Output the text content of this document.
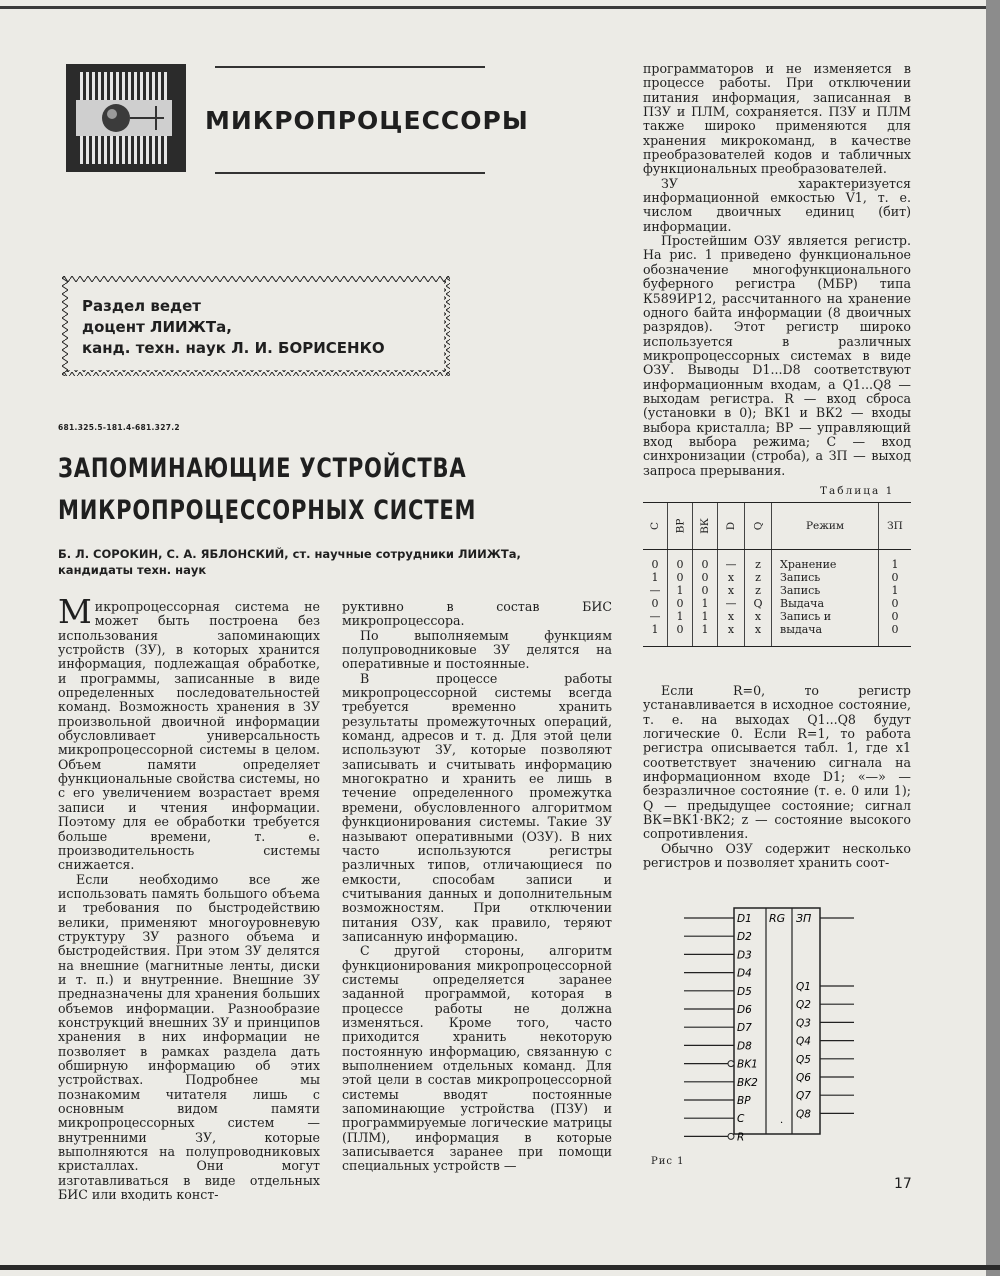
МИКРОПРОЦЕССОРЫ
Раздел ведет
доцент ЛИИЖТа,
канд. техн. наук Л. И. БОРИСЕНКО
681.325.5-181.4-681.327.2
ЗАПОМИНАЮЩИЕ УСТРОЙСТВА
МИКРОПРОЦЕССОРНЫХ СИСТЕМ
Б. Л. СОРОКИН, С. А. ЯБЛОНСКИЙ, ст. научные сотрудники ЛИИЖТа,
кандидаты техн. наук

Микропроцессорная система не может быть построена без использования запоминающих устройств (ЗУ), в которых хранится информация, подлежащая обработке, и программы, записанные в виде определенных последовательностей команд. Возможность хранения в ЗУ произвольной двоичной информации обусловливает универсальность микропроцессорной системы в целом. Объем памяти определяет функциональные свойства системы, но с его увеличением возрастает время записи и чтения информации. Поэтому для ее обработки требуется больше времени, т. е. производительность системы снижается.

Если необходимо все же использовать память большого объема и требования по быстродействию велики, применяют многоуровневую структуру ЗУ разного объема и быстродействия. При этом ЗУ делятся на внешние (магнитные ленты, диски и т. п.) и внутренние. Внешние ЗУ предназначены для хранения больших объемов информации. Разнообразие конструкций внешних ЗУ и принципов хранения в них информации не позволяет в рамках раздела дать обширную информацию об этих устройствах. Подробнее мы познакомим читателя лишь с основным видом памяти микропроцессорных систем — внутренними ЗУ, которые выполняются на полупроводниковых кристаллах. Они могут изготавливаться в виде отдельных БИС или входить конст-

руктивно в состав БИС микропроцессора.

По выполняемым функциям полупроводниковые ЗУ делятся на оперативные и постоянные.

В процессе работы микропроцессорной системы всегда требуется временно хранить результаты промежуточных операций, команд, адресов и т. д. Для этой цели используют ЗУ, которые позволяют записывать и считывать информацию многократно и хранить ее лишь в течение определенного промежутка времени, обусловленного алгоритмом функционирования системы. Такие ЗУ называют оперативными (ОЗУ). В них часто используются регистры различных типов, отличающиеся по емкости, способам записи и считывания данных и дополнительным возможностям. При отключении питания ОЗУ, как правило, теряют записанную информацию.

С другой стороны, алгоритм функционирования микропроцессорной системы определяется заранее заданной программой, которая в процессе работы не должна изменяться. Кроме того, часто приходится хранить некоторую постоянную информацию, связанную с выполнением отдельных команд. Для этой цели в состав микропроцессорной системы вводят постоянные запоминающие устройства (ПЗУ) и программируемые логические матрицы (ПЛМ), информация в которые записывается заранее при помощи специальных устройств —

программаторов и не изменяется в процессе работы. При отключении питания информация, записанная в ПЗУ и ПЛМ, сохраняется. ПЗУ и ПЛМ также широко применяются для хранения микрокоманд, в качестве преобразователей кодов и табличных функциональных преобразователей.

ЗУ характеризуется информационной емкостью V1, т. е. числом двоичных единиц (бит) информации.

Простейшим ОЗУ является регистр. На рис. 1 приведено функциональное обозначение многофункционального буферного регистра (МБР) типа К589ИР12, рассчитанного на хранение одного байта информации (8 двоичных разрядов). Этот регистр широко используется в различных микропроцессорных системах в виде ОЗУ. Выводы D1...D8 соответствуют информационным входам, а Q1...Q8 — выходам регистра. R — вход сброса (установки в 0); ВК1 и ВК2 — входы выбора кристалла; ВР — управляющий вход выбора режима; С — вход синхронизации (строба), а ЗП — выход запроса прерывания.

Таблица 1
С	ВР	ВК	D	Q	Режим	ЗП
0	0	0	—	z	Хранение	1
1	0	0	x	z	Запись	0
—	1	0	x	z	Запись	1
0	0	1	—	Q	Выдача	0
—	1	1	x	x	Запись и	0
1	0	1	x	x	выдача	0

Если R=0, то регистр устанавливается в исходное состояние, т. е. на выходах Q1...Q8 будут логические 0. Если R=1, то работа регистра описывается табл. 1, где x1 соответствует значению сигнала на информационном входе D1; «—» — безразличное состояние (т. е. 0 или 1); Q — предыдущее состояние; сигнал ВК=ВК1·ВК2; z — состояние высокого сопротивления.

Обычно ОЗУ содержит несколько регистров и позволяет хранить соот-

RG ЗП
·
D1
D2
D3
D4
D5
D6
D7
D8
BK1
BK2
BP
C
R
Q1
Q2
Q3
Q4
Q5
Q6
Q7
Q8
Рис 1
17
